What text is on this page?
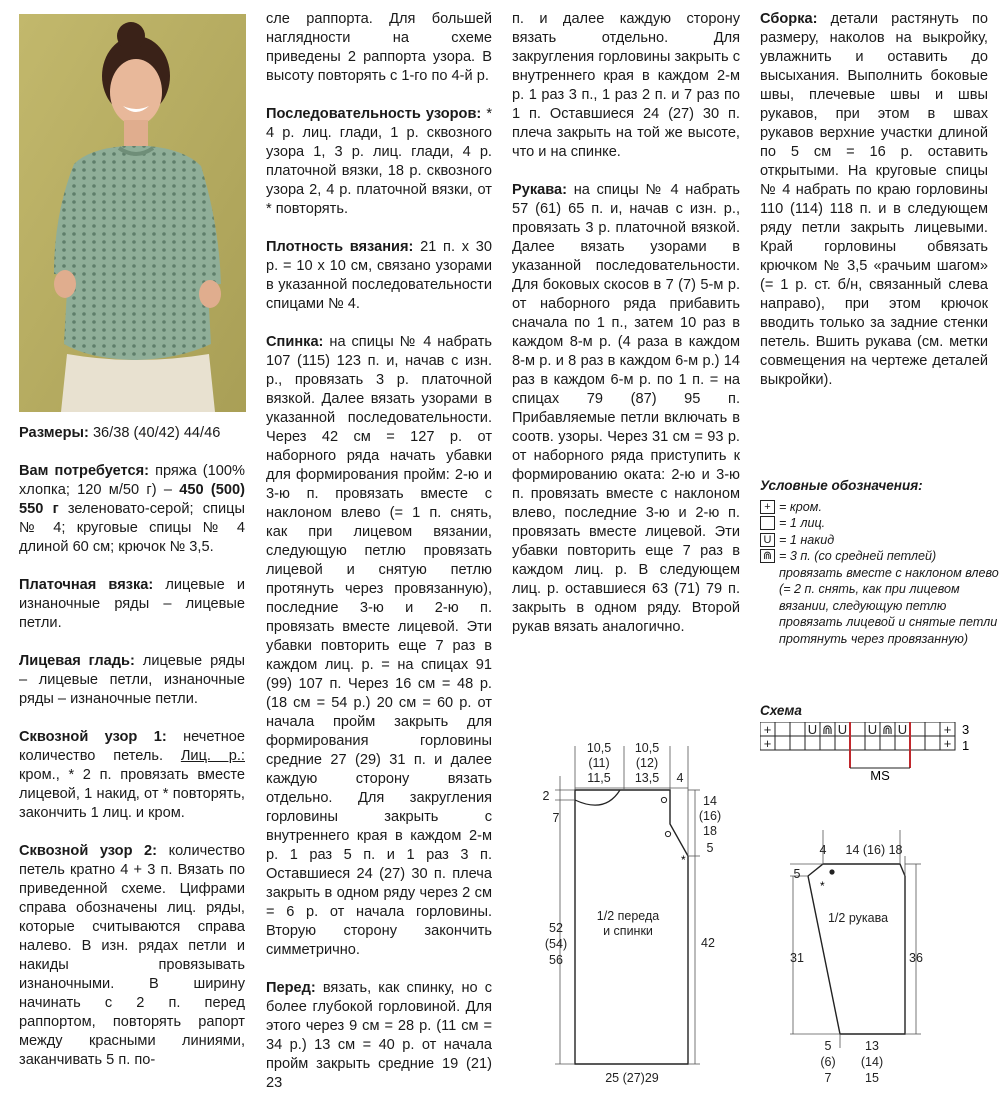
Размеры: 36/38 (40/42) 44/46

Вам потребуется: пряжа (100% хлопка; 120 м/50 г) – 450 (500) 550 г зеленовато-серой; спицы № 4; круговые спицы № 4 длиной 60 см; крючок № 3,5.

Платочная вязка: лицевые и изнаночные ряды – лицевые петли.

Лицевая гладь: лицевые ряды – лицевые петли, изнаночные ряды – изнаночные петли.

Сквозной узор 1: нечетное количество петель. Лиц. р.: кром., * 2 п. провязать вместе лицевой, 1 накид, от * повторять, закончить 1 лиц. и кром.

Сквозной узор 2: количество петель кратно 4 + 3 п. Вязать по приведенной схеме. Цифрами справа обозначены лиц. ряды, которые считываются справа налево. В изн. рядах петли и накиды провязывать изнаночными. В ширину начинать с 2 п. перед раппортом, повторять рапорт между красными линиями, заканчивать 5 п. по-

сле раппорта. Для большей наглядности на схеме приведены 2 раппорта узора. В высоту повторять с 1-го по 4-й р.

Последовательность узоров: * 4 р. лиц. глади, 1 р. сквозного узора 1, 3 р. лиц. глади, 4 р. платочной вязки, 18 р. сквозного узора 2, 4 р. платочной вязки, от * повторять.

Плотность вязания: 21 п. х 30 р. = 10 х 10 см, связано узорами в указанной последовательности спицами № 4.

Спинка: на спицы № 4 набрать 107 (115) 123 п. и, начав с изн. р., провязать 3 р. платочной вязкой. Далее вязать узорами в указанной последовательности. Через 42 см = 127 р. от наборного ряда начать убавки для формирования пройм: 2-ю и 3-ю п. провязать вместе с наклоном влево (= 1 п. снять, как при лицевом вязании, следующую петлю провязать лицевой и снятую петлю протянуть через провязанную), последние 3-ю и 2-ю п. провязать вместе лицевой. Эти убавки повторить еще 7 раз в каждом лиц. р. = на спицах 91 (99) 107 п. Через 16 см = 48 р. (18 см = 54 р.) 20 см = 60 р. от начала пройм закрыть для формирования горловины средние 27 (29) 31 п. и далее каждую сторону вязать отдельно. Для закругления горловины закрыть с внутреннего края в каждом 2-м р. 1 раз 5 п. и 1 раз 3 п. Оставшиеся 24 (27) 30 п. плеча закрыть в одном ряду через 2 см = 6 р. от начала горловины. Вторую сторону закончить симметрично.

Перед: вязать, как спинку, но с более глубокой горловиной. Для этого через 9 см = 28 р. (11 см = 34 р.) 13 см = 40 р. от начала пройм закрыть средние 19 (21) 23

п. и далее каждую сторону вязать отдельно. Для закругления горловины закрыть с внутреннего края в каждом 2-м р. 1 раз 3 п., 1 раз 2 п. и 7 раз по 1 п. Оставшиеся 24 (27) 30 п. плеча закрыть на той же высоте, что и на спинке.

Рукава: на спицы № 4 набрать 57 (61) 65 п. и, начав с изн. р., провязать 3 р. платочной вязкой. Далее вязать узорами в указанной последовательности. Для боковых скосов в 7 (7) 5-м р. от наборного ряда прибавить сначала по 1 п., затем 10 раз в каждом 8-м р. (4 раза в каждом 8-м р. и 8 раз в каждом 6-м р.) 14 раз в каждом 6-м р. по 1 п. = на спицах 79 (87) 95 п. Прибавляемые петли включать в соотв. узоры. Через 31 см = 93 р. от наборного ряда приступить к формированию оката: 2-ю и 3-ю п. провязать вместе с наклоном влево, последние 3-ю и 2-ю п. провязать вместе лицевой. Эти убавки повторить еще 7 раз в каждом лиц. р. В следующем лиц. р. оставшиеся 63 (71) 79 п. закрыть в одном ряду. Второй рукав вязать аналогично.

Сборка: детали растянуть по размеру, наколов на выкройку, увлажнить и оставить до высыхания. Выполнить боковые швы, плечевые швы и швы рукавов, при этом в швах рукавов верхние участки длиной по 5 см = 16 р. оставить открытыми. На круговые спицы № 4 набрать по краю горловины 110 (114) 118 п. и в следующем ряду петли закрыть лицевыми. Край горловины обвязать крючком № 3,5 «рачьим шагом» (= 1 р. ст. б/н, связанный слева направо), при этом крючок вводить только за задние стенки петель. Вшить рукава (см. метки совмещения на чертеже деталей выкройки).

Условные обозначения:
+ = кром.
= 1 лиц.
U = 1 накид
⋒ = 3 п. (со средней петлей) провязать вместе с наклоном влево (= 2 п. снять, как при лицевом вязании, следующую петлю провязать лицевой и снятые петли протянуть через провязанную)
Схема
+
+
+
+
U U U U
⋒	⋒
MS
3
1
*
10,5
(11)
11,5
10,5
(12)
13,5 4
2
7
14
(16)
18
5
52
(54)
56
42
1/2 переда
и спинки
25 (27)29
*
4 14 (16) 18
5
31	36
1/2 рукава
5
(6)
7
13
(14)
15
